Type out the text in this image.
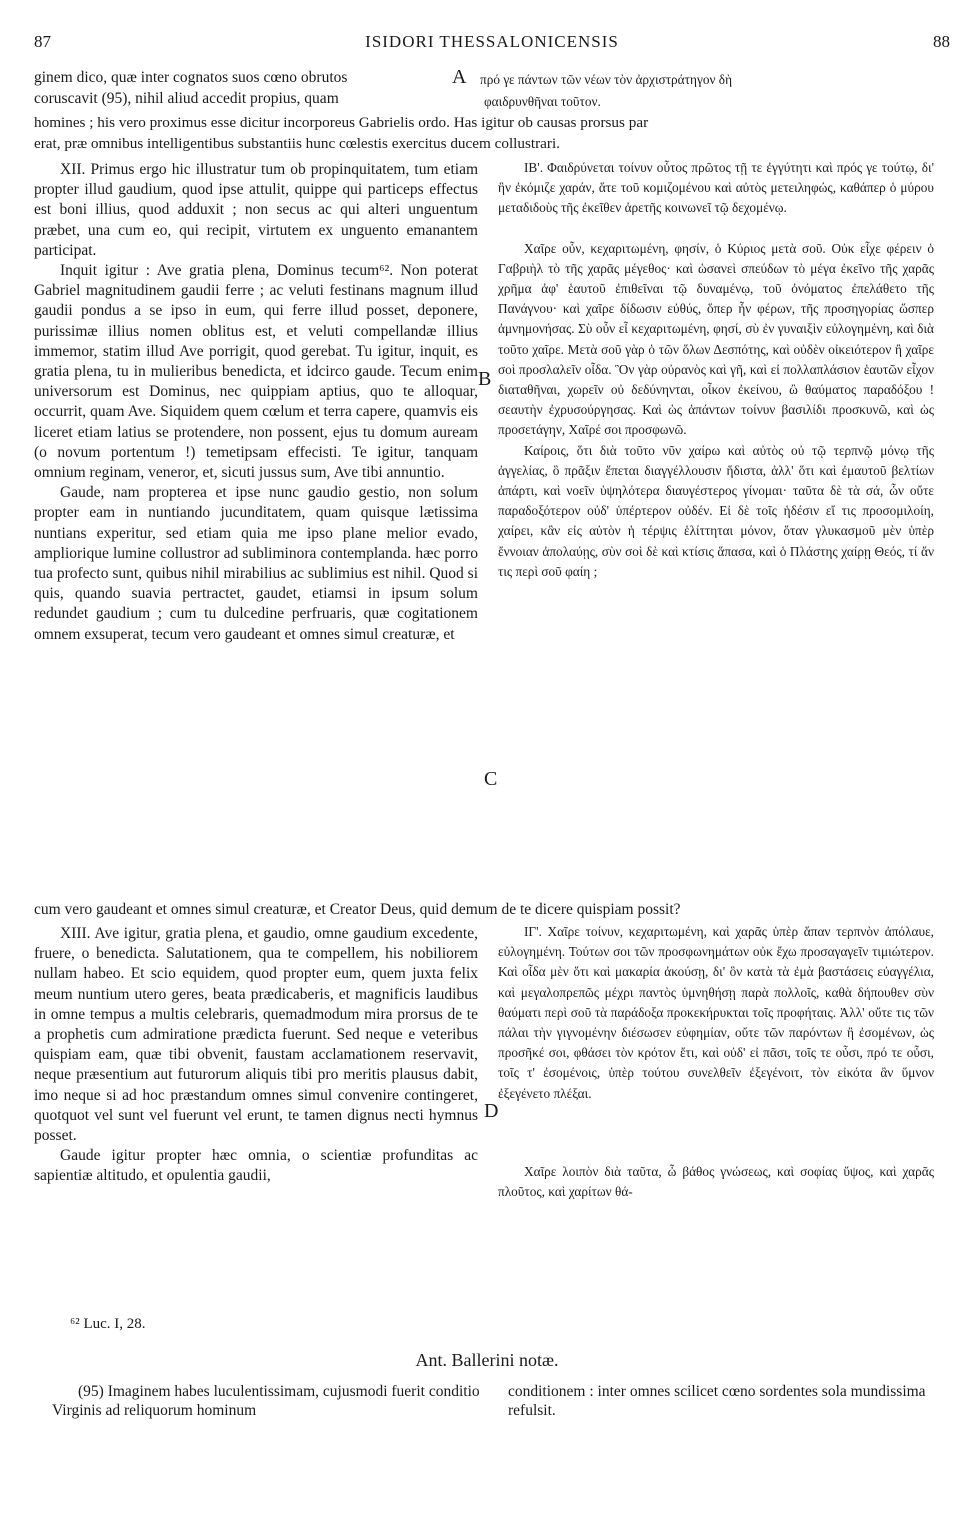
87	ISIDORI THESSALONICENSIS	88
ginem dico, quæ inter cognatos suos cœno obrutos	A πρό γε πάντων τῶν νέων τὸν ἀρχιστράτηγον δὴ
coruscavit (95), nihil aliud accedit propius, quam	φαιδρυνθῆναι τοῦτον.
homines ; his vero proximus esse dicitur incorporeus Gabrielis ordo. Has igitur ob causas prorsus par
erat, præ omnibus intelligentibus substantiis hunc cœlestis exercitus ducem collustrari.

XII. Primus ergo hic illustratur tum ob propinquitatem, tum etiam propter illud gaudium, quod ipse attulit, quippe qui particeps effectus est boni illius, quod adduxit ; non secus ac qui alteri unguentum præbet, una cum eo, qui recipit, virtutem ex unguento emanantem participat.

Inquit igitur : Ave gratia plena, Dominus tecum⁶². Non poterat Gabriel magnitudinem gaudii ferre ; ac veluti festinans magnum illud gaudii pondus a se ipso in eum, qui ferre illud posset, deponere, purissimæ illius nomen oblitus est, et veluti compellandæ illius immemor, statim illud Ave porrigit, quod gerebat. Tu igitur, inquit, es gratia plena, tu in mulieribus benedicta, et idcirco gaude. Tecum enim universorum est Dominus, nec quippiam aptius, quo te alloquar, occurrit, quam Ave. Siquidem quem cœlum et terra capere, quamvis eis liceret etiam latius se protendere, non possent, ejus tu domum auream (o novum portentum !) temetipsam effecisti. Te igitur, tanquam omnium reginam, veneror, et, sicuti jussus sum, Ave tibi annuntio.

Gaude, nam propterea et ipse nunc gaudio gestio, non solum propter eam in nuntiando jucunditatem, quam quisque lætissima nuntians experitur, sed etiam quia me ipso plane melior evado, ampliorique lumine collustror ad subliminora contemplanda. hæc porro tua profecto sunt, quibus nihil mirabilius ac sublimius est nihil. Quod si quis, quando suavia pertractet, gaudet, etiamsi in ipsum solum redundet gaudium ; cum tu dulcedine perfruaris, quæ cogitationem omnem exsuperat, tecum vero gaudeant et omnes simul creaturæ, et

ΙΒ'. Φαιδρύνεται τοίνυν οὗτος πρῶτος τῇ τε ἐγγύτητι καὶ πρός γε τούτῳ, δι' ἣν ἐκόμιζε χαράν, ἅτε τοῦ κομιζομένου καὶ αὐτὸς μετειληφώς, καθάπερ ὁ μύρου μεταδιδοὺς τῆς ἐκεῖθεν ἀρετῆς κοινωνεῖ τῷ δεχομένῳ.

Χαῖρε οὖν, κεχαριτωμένη, φησίν, ὁ Κύριος μετὰ σοῦ. Οὐκ εἶχε φέρειν ὁ Γαβριὴλ τὸ τῆς χαρᾶς μέγεθος· καὶ ὡσανεὶ σπεύδων τὸ μέγα ἐκεῖνο τῆς χαρᾶς χρῆμα ἀφ' ἑαυτοῦ ἐπιθεῖναι τῷ δυναμένῳ, τοῦ ὀνόματος ἐπελάθετο τῆς Πανάγνου· καὶ χαῖρε δίδωσιν εὐθύς, ὅπερ ἦν φέρων, τῆς προσηγορίας ὥσπερ ἀμνημονήσας. Σὺ οὖν εἶ κεχαριτωμένη, φησί, σὺ ἐν γυναιξὶν εὐλογημένη, καὶ διὰ τοῦτο χαῖρε. Μετὰ σοῦ γὰρ ὁ τῶν ὅλων Δεσπότης, καὶ οὐδὲν οἰκειότερον ἢ χαῖρε σοὶ προσλαλεῖν οἶδα. Ὃν γὰρ οὐρανὸς καὶ γῆ, καὶ εἰ πολλαπλάσιον ἑαυτῶν εἶχον διαταθῆναι, χωρεῖν οὐ δεδύνηνται, οἶκον ἐκείνου, ὢ θαύματος παραδόξου ! σεαυτὴν ἐχρυσούργησας. Καὶ ὡς ἁπάντων τοίνυν βασιλίδι προσκυνῶ, καὶ ὡς προσετάγην, Χαῖρέ σοι προσφωνῶ.

Καίροις, ὅτι διὰ τοῦτο νῦν χαίρω καὶ αὐτὸς οὐ τῷ τερπνῷ μόνῳ τῆς ἀγγελίας, ὃ πρᾶξιν ἕπεται διαγγέλλουσιν ἥδιστα, ἀλλ' ὅτι καὶ ἐμαυτοῦ βελτίων ἀπάρτι, καὶ νοεῖν ὑψηλότερα διαυγέστερος γίνομαι· ταῦτα δὲ τὰ σά, ὧν οὔτε παραδοξότερον οὐδ' ὑπέρτερον οὐδέν. Εἰ δὲ τοῖς ἡδέσιν εἴ τις προσομιλοίη, χαίρει, κἂν εἰς αὐτὸν ἡ τέρψις ἑλίττηται μόνον, ὅταν γλυκασμοῦ μὲν ὑπὲρ ἔννοιαν ἀπολαύῃς, σὺν σοὶ δὲ καὶ κτίσις ἅπασα, καὶ ὁ Πλάστης χαίρῃ Θεός, τί ἄν τις περὶ σοῦ φαίη ;

B
C
cum vero gaudeant et omnes simul creaturæ, et Creator Deus, quid demum de te dicere quispiam possit?

XIII. Ave igitur, gratia plena, et gaudio, omne gaudium excedente, fruere, o benedicta. Salutationem, qua te compellem, his nobiliorem nullam habeo. Et scio equidem, quod propter eum, quem juxta felix meum nuntium utero geres, beata prædicaberis, et magnificis laudibus in omne tempus a multis celebraris, quemadmodum mira prorsus de te a prophetis cum admiratione prædicta fuerunt. Sed neque e veteribus quispiam eam, quæ tibi obvenit, faustam acclamationem reservavit, neque præsentium aut futurorum aliquis tibi pro meritis plausus dabit, imo neque si ad hoc præstandum omnes simul convenire contingeret, quotquot vel sunt vel fuerunt vel erunt, te tamen dignus necti hymnus posset.

Gaude igitur propter hæc omnia, o scientiæ profunditas ac sapientiæ altitudo, et opulentia gaudii,

ΙΓ'. Χαῖρε τοίνυν, κεχαριτωμένη, καὶ χαρᾶς ὑπὲρ ἅπαν τερπνὸν ἀπόλαυε, εὐλογημένη. Τούτων σοι τῶν προσφωνημάτων οὐκ ἔχω προσαγαγεῖν τιμιώτερον. Καὶ οἶδα μὲν ὅτι καὶ μακαρία ἀκούσῃ, δι' ὃν κατὰ τὰ ἐμὰ βαστάσεις εὐαγγέλια, καὶ μεγαλοπρεπῶς μέχρι παντὸς ὑμνηθήσῃ παρὰ πολλοῖς, καθὰ δήπουθεν σὺν θαύματι περὶ σοῦ τὰ παράδοξα προκεκήρυκται τοῖς προφήταις. Ἀλλ' οὔτε τις τῶν πάλαι τὴν γιγνομένην διέσωσεν εὐφημίαν, οὔτε τῶν παρόντων ἢ ἐσομένων, ὡς προσῆκέ σοι, φθάσει τὸν κρότον ἔτι, καὶ οὐδ' εἰ πᾶσι, τοῖς τε οὖσι, πρό τε οὖσι, τοῖς τ' ἐσομένοις, ὑπὲρ τούτου συνελθεῖν ἐξεγένοιτ, τὸν εἰκότα ἂν ὕμνον ἐξεγένετο πλέξαι.

Χαῖρε λοιπὸν διὰ ταῦτα, ὦ βάθος γνώσεως, καὶ σοφίας ὕψος, καὶ χαρᾶς πλοῦτος, καὶ χαρίτων θά-

D
⁶² Luc. I, 28.
Ant. Ballerini notæ.

(95) Imaginem habes luculentissimam, cujusmodi fuerit conditio Virginis ad reliquorum hominum

conditionem : inter omnes scilicet cœno sordentes sola mundissima refulsit.
